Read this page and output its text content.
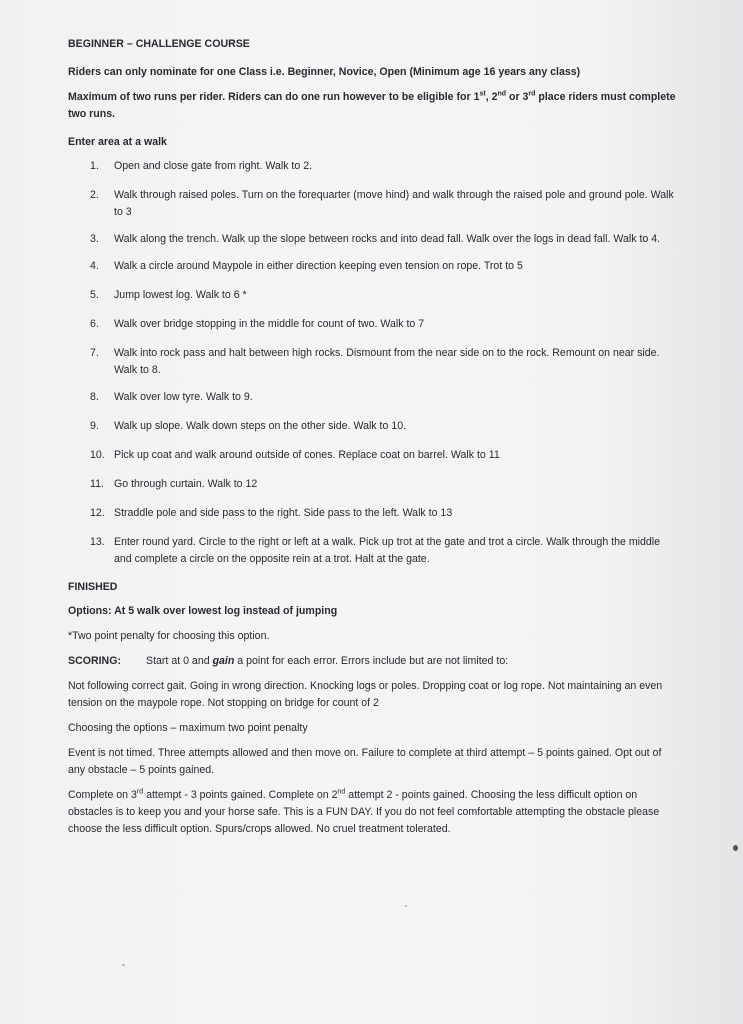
BEGINNER – CHALLENGE COURSE

Riders can only nominate for one Class i.e. Beginner, Novice, Open (Minimum age 16 years any class)

Maximum of two runs per rider. Riders can do one run however to be eligible for 1st, 2nd or 3rd place riders must complete two runs.

Enter area at a walk

1.	Open and close gate from right. Walk to 2.
2.	Walk through raised poles. Turn on the forequarter (move hind) and walk through the raised pole and ground pole. Walk to 3
3.	Walk along the trench. Walk up the slope between rocks and into dead fall. Walk over the logs in dead fall. Walk to 4.
4.	Walk a circle around Maypole in either direction keeping even tension on rope. Trot to 5
5.	Jump lowest log. Walk to 6 *
6.	Walk over bridge stopping in the middle for count of two. Walk to 7
7.	Walk into rock pass and halt between high rocks. Dismount from the near side on to the rock. Remount on near side. Walk to 8.
8.	Walk over low tyre. Walk to 9.
9.	Walk up slope. Walk down steps on the other side. Walk to 10.
10. Pick up coat and walk around outside of cones. Replace coat on barrel. Walk to 11
11. Go through curtain. Walk to 12
12. Straddle pole and side pass to the right. Side pass to the left. Walk to 13
13. Enter round yard. Circle to the right or left at a walk. Pick up trot at the gate and trot a circle. Walk through the middle and complete a circle on the opposite rein at a trot. Halt at the gate.

FINISHED

Options: At 5 walk over lowest log instead of jumping

*Two point penalty for choosing this option.

SCORING: Start at 0 and gain a point for each error. Errors include but are not limited to:

Not following correct gait. Going in wrong direction. Knocking logs or poles. Dropping coat or log rope. Not maintaining an even tension on the maypole rope. Not stopping on bridge for count of 2

Choosing the options – maximum two point penalty

Event is not timed. Three attempts allowed and then move on. Failure to complete at third attempt – 5 points gained. Opt out of any obstacle – 5 points gained.

Complete on 3rd attempt - 3 points gained. Complete on 2nd attempt 2 - points gained. Choosing the less difficult option on obstacles is to keep you and your horse safe. This is a FUN DAY. If you do not feel comfortable attempting the obstacle please choose the less difficult option. Spurs/crops allowed. No cruel treatment tolerated.
